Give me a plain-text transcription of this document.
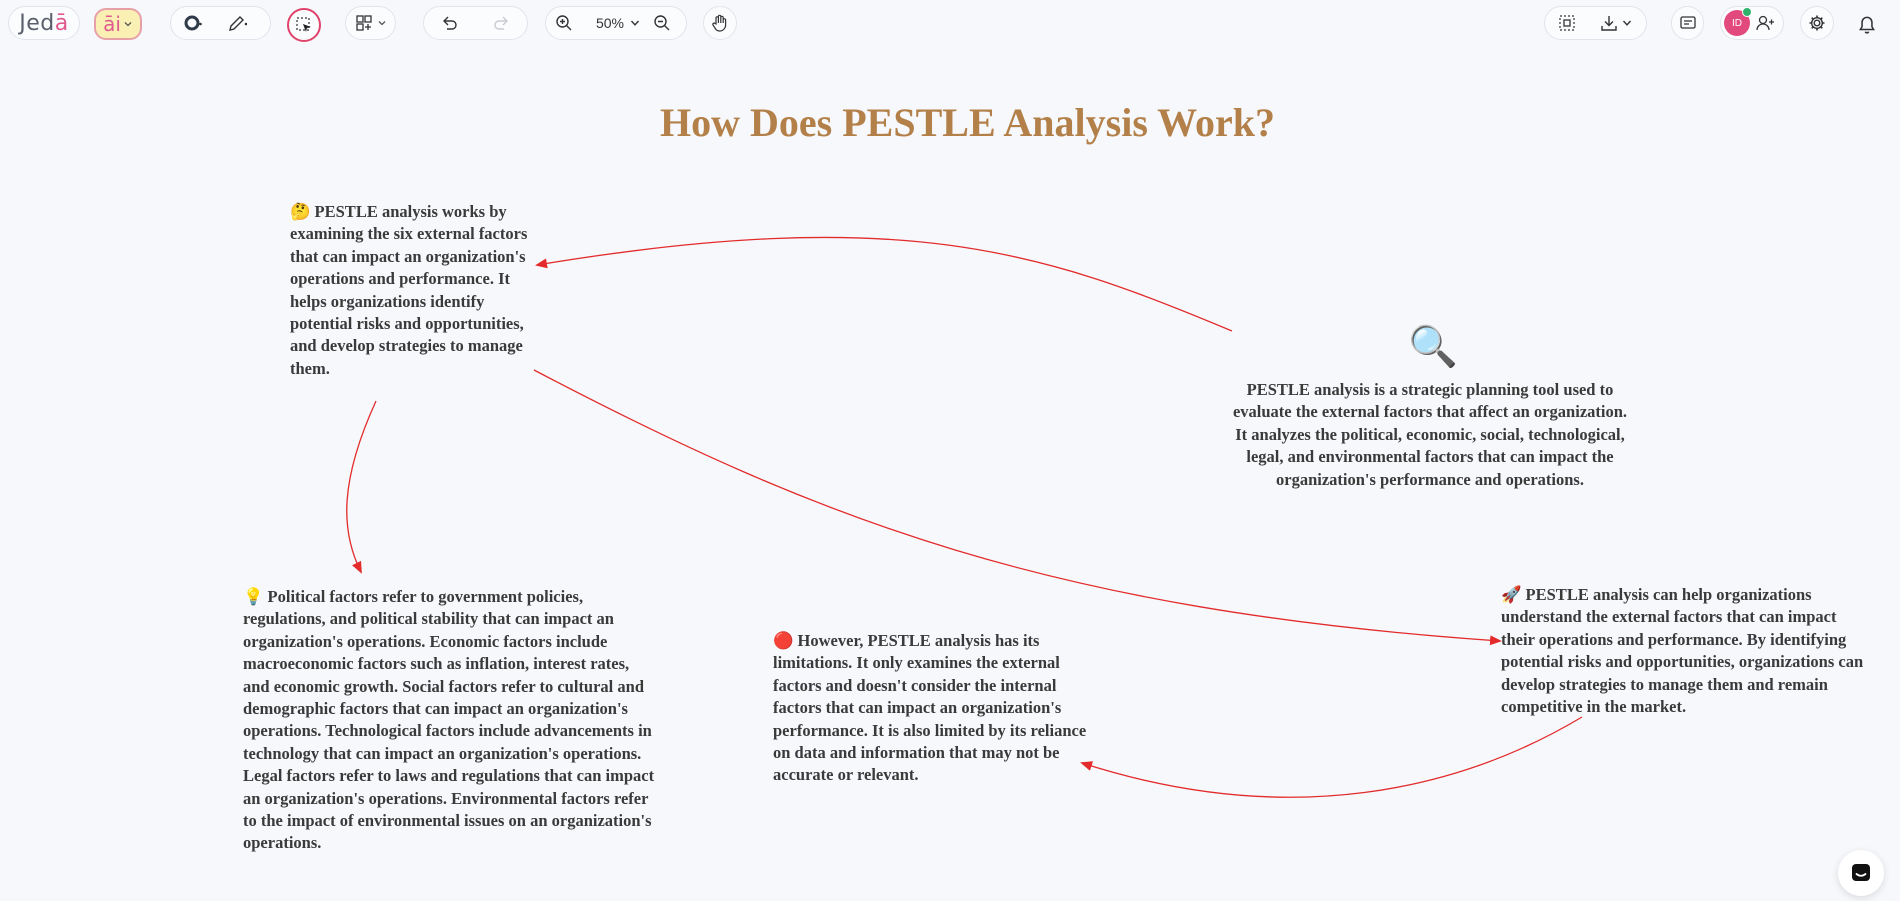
Jed ā āi	50%	ID
How Does PESTLE Analysis Work?
🔍
PESTLE analysis is a strategic planning tool used to evaluate the external factors that affect an organization. It analyzes the political, economic, social, technological, legal, and environmental factors that can impact the organization's performance and operations.
🤔 PESTLE analysis works by examining the six external factors that can impact an organization's operations and performance. It helps organizations identify potential risks and opportunities, and develop strategies to manage them.
💡 Political factors refer to government policies, regulations, and political stability that can impact an organization's operations. Economic factors include macroeconomic factors such as inflation, interest rates, and economic growth. Social factors refer to cultural and demographic factors that can impact an organization's operations. Technological factors include advancements in technology that can impact an organization's operations. Legal factors refer to laws and regulations that can impact an organization's operations. Environmental factors refer to the impact of environmental issues on an organization's operations.
🔴 However, PESTLE analysis has its limitations. It only examines the external factors and doesn't consider the internal factors that can impact an organization's performance. It is also limited by its reliance on data and information that may not be accurate or relevant.
🚀 PESTLE analysis can help organizations understand the external factors that can impact their operations and performance. By identifying potential risks and opportunities, organizations can develop strategies to manage them and remain competitive in the market.
